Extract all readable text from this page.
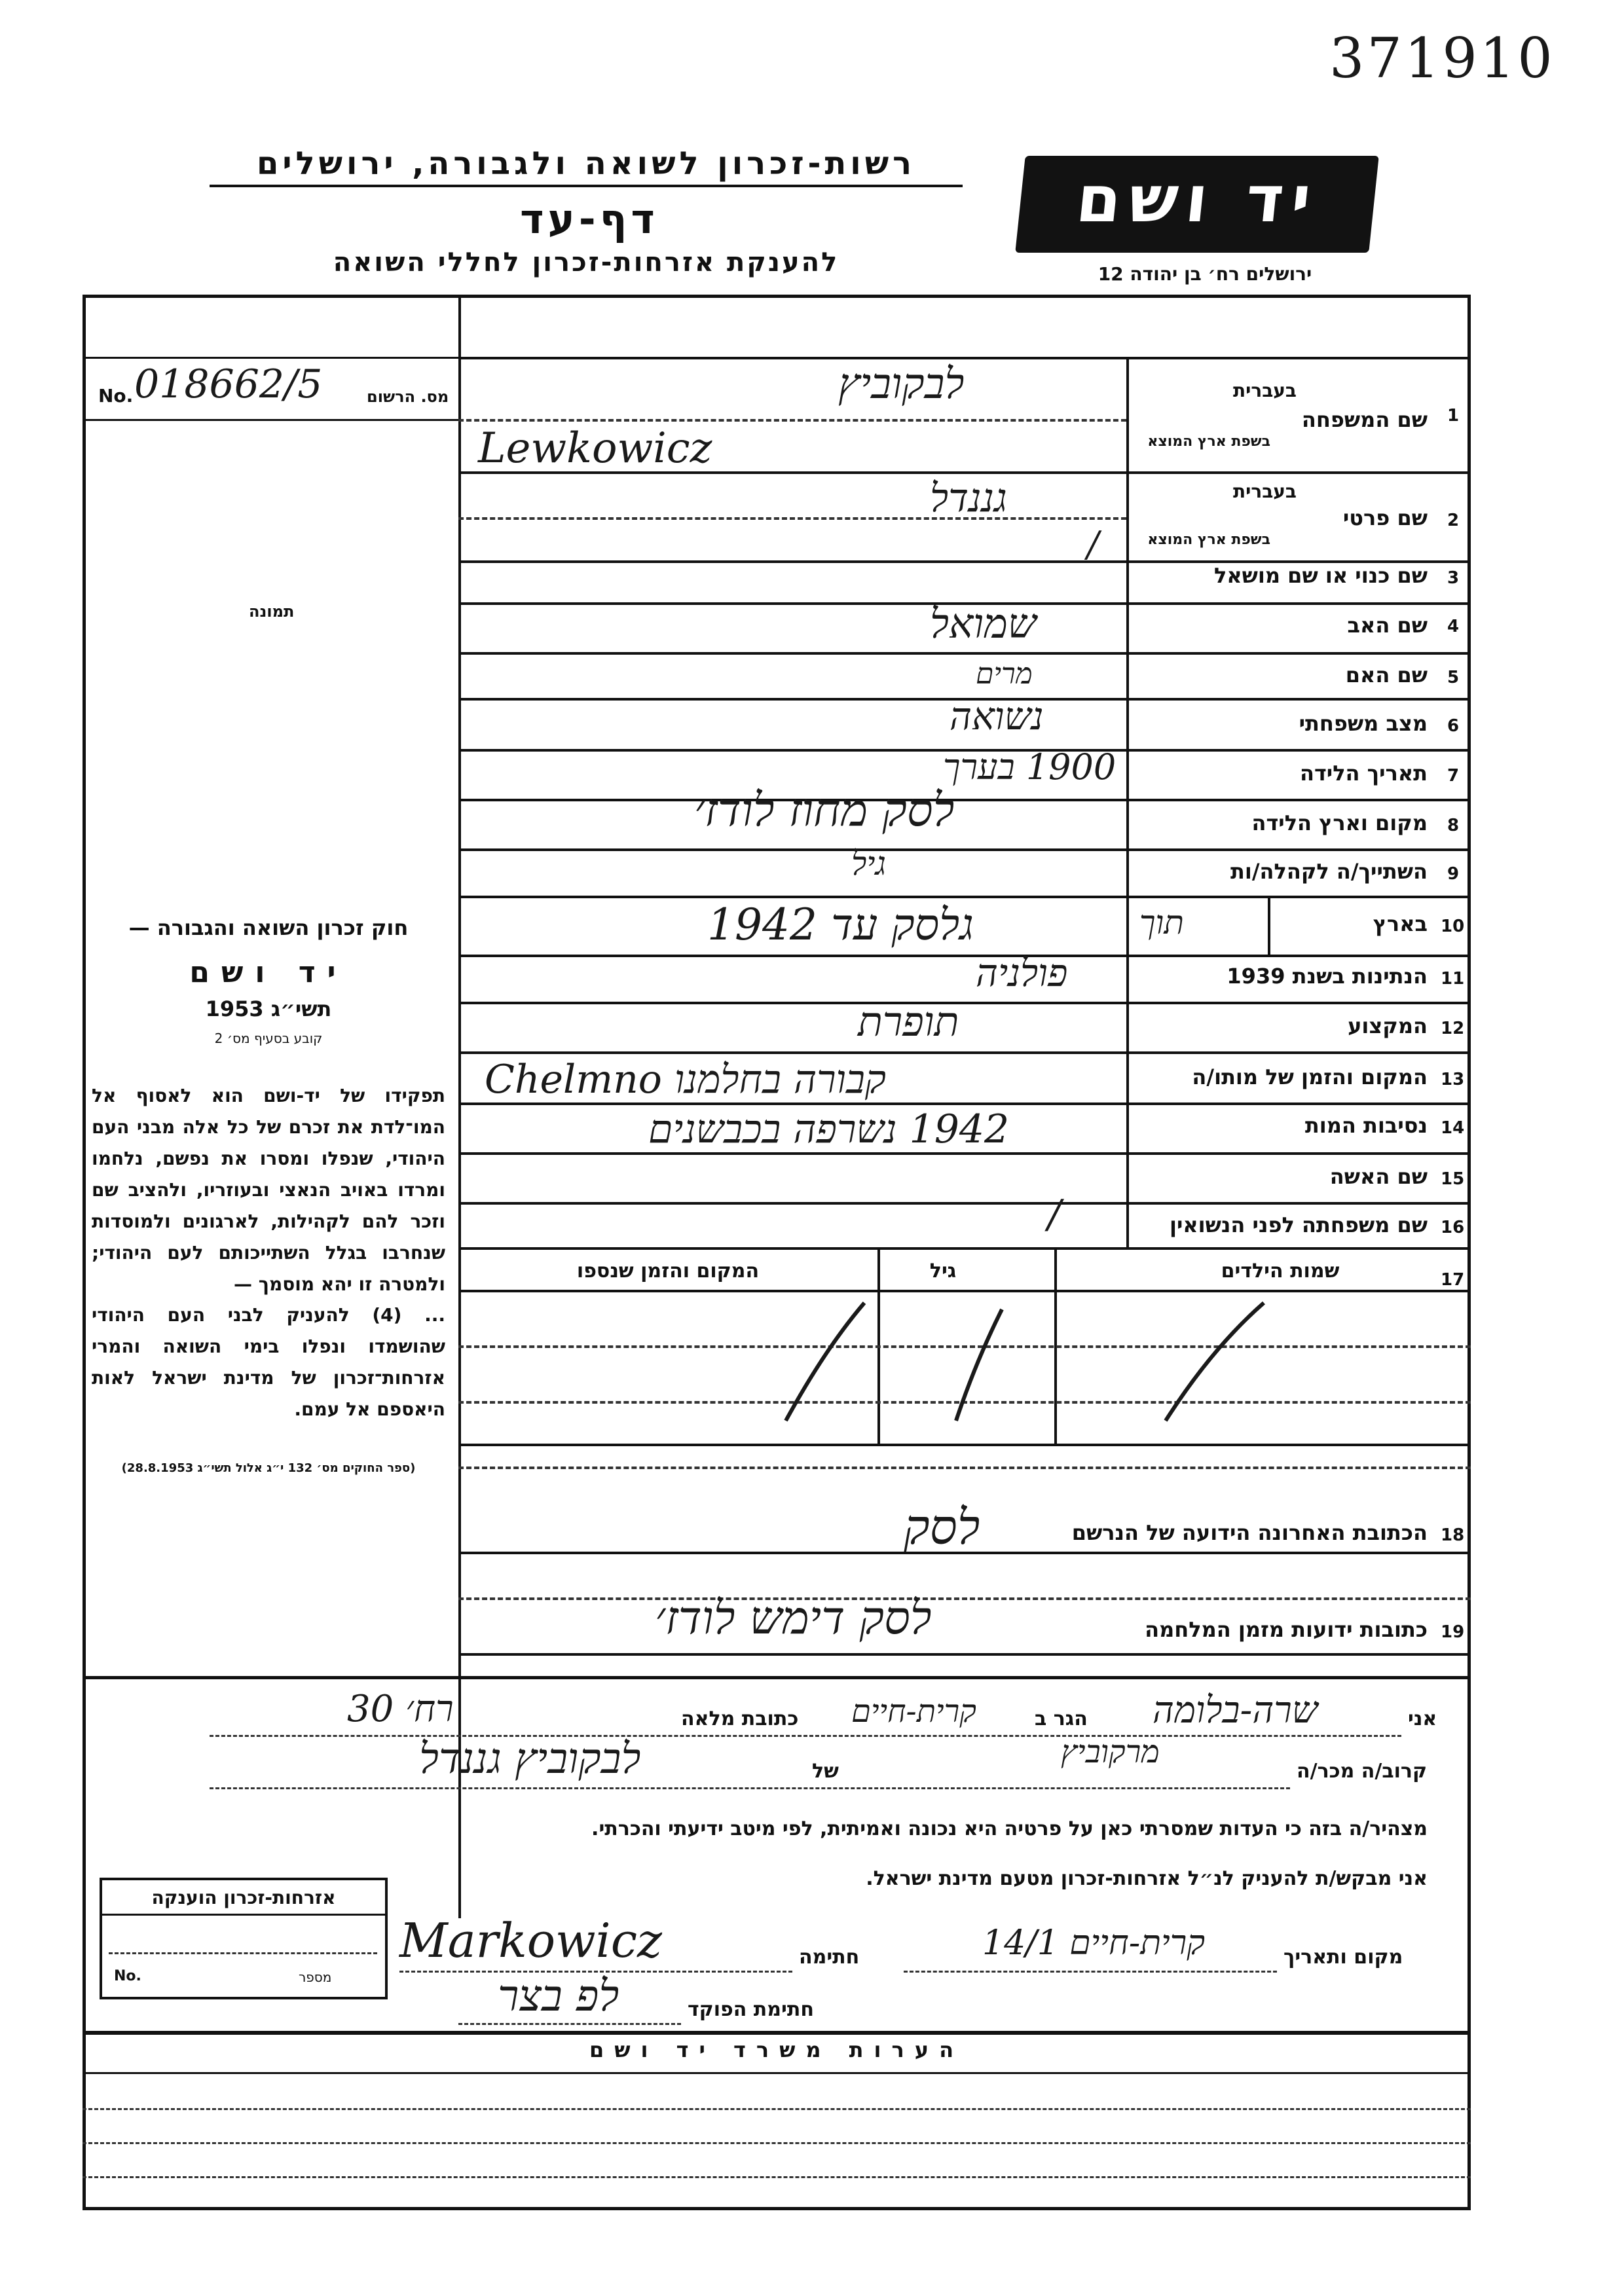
371910
רשות-זכרון לשואה ולגבורה, ירושלים
דף-עד
להענקת אזרחות-זכרון לחללי השואה
יד ושם
ירושלים רח׳ בן יהודה 12
No. 018662/5	מס. הרשום
תמונה
חוק זכרון השואה והגבורה —
יד ושם
תשי״ג 1953
קובע בסעיף מס׳ 2
תפקידו של יד-ושם הוא לאסוף אל המו־לדת את זכרם של כל אלה מבני העם היהודי, שנפלו ומסרו את נפשם, נלחמו ומרדו באויב הנאצי ובעוזריו, ולהציב שם וזכר להם לקהילות, לארגונים ולמוסדות שנחרבו בגלל השתייכותם לעם היהודי; ולמטרה זו יהא מוסמך —
... (4) להעניק לבני העם היהודי שהושמדו ונפלו בימי השואה והמרי אזרחות־זכרון של מדינת ישראל לאות היאספם אל עמם.
(ספר החוקים מס׳ 132 י״ג אלול תשי״ג 28.8.1953)
1
שם המשפחה
בעברית
בשפת ארץ המוצא
לבקוביץ
Lewkowicz
2
שם פרטי
בעברית
בשפת ארץ המוצא
גננדל
/
3
שם כנוי או שם מושאל
4
שם האב
שמואל
5
שם האם
מרים
6
מצב משפחתי
נשואה
7
תאריך הלידה
1900 בערך
8
מקום וארץ הלידה
לסק מחוז לודז׳
9
השתייך/ה לקהלה/ות
גיל
10
בארץ
תוך
גלסק עד 1942
11
הנתינות בשנת 1939
פולניה
12
המקצוע
תופרת
13
המקום והזמן של מותו/ה
Chelmno קבורה בחלמנו
14
נסיבות המות
1942 נשרפה בכבשנים
15
שם האשה
16
שם משפחתה לפני הנשואין
/
17
שמות הילדים
גיל
המקום והזמן שנספו
18
הכתובת האחרונה הידועה של הנרשם
לסק
19
כתובות ידועות מזמן המלחמה
לסק דימש לודז׳
אני
שרה-בלומה
הגר ב
קרית-חיים
כתובת מלאה
רח׳ 30
קרוב/ה מכר/ה
מרקוביץ
של
לבקוביץ גננדל
מצהיר/ה בזה כי העדות שמסרתי כאן על פרטיה היא נכונה ואמיתית, לפי מיטב ידיעתי והכרתי.
אני מבקש/ת להעניק לנ״ל אזרחות-זכרון מטעם מדינת ישראל.
מקום ותאריך
קרית-חיים 14/1
חתימה
Markowicz
חתימת הפוקד
לפ בצר
אזרחות-זכרון הוענקה
No.	מספר
הערות משרד יד ושם
